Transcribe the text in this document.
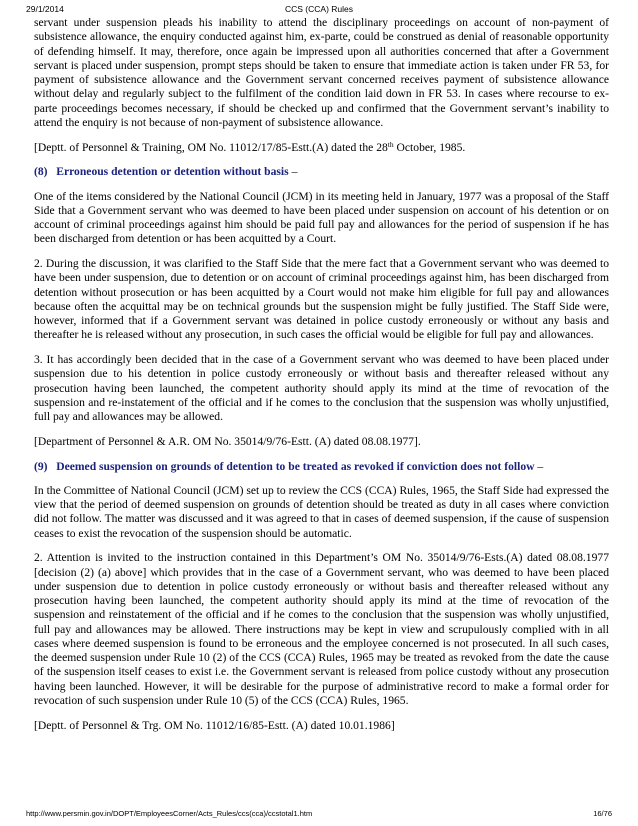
29/1/2014	CCS (CCA) Rules

servant under suspension pleads his inability to attend the disciplinary proceedings on account of non-payment of subsistence allowance, the enquiry conducted against him, ex-parte, could be construed as denial of reasonable opportunity of defending himself. It may, therefore, once again be impressed upon all authorities concerned that after a Government servant is placed under suspension, prompt steps should be taken to ensure that immediate action is taken under FR 53, for payment of subsistence allowance and the Government servant concerned receives payment of subsistence allowance without delay and regularly subject to the fulfilment of the condition laid down in FR 53. In cases where recourse to ex-parte proceedings becomes necessary, if should be checked up and confirmed that the Government servant’s inability to attend the enquiry is not because of non-payment of subsistence allowance.

[Deptt. of Personnel & Training, OM No. 11012/17/85-Estt.(A) dated the 28th October, 1985.

(8) Erroneous detention or detention without basis –

One of the items considered by the National Council (JCM) in its meeting held in January, 1977 was a proposal of the Staff Side that a Government servant who was deemed to have been placed under suspension on account of his detention or on account of criminal proceedings against him should be paid full pay and allowances for the period of suspension if he has been discharged from detention or has been acquitted by a Court.

2. During the discussion, it was clarified to the Staff Side that the mere fact that a Government servant who was deemed to have been under suspension, due to detention or on account of criminal proceedings against him, has been discharged from detention without prosecution or has been acquitted by a Court would not make him eligible for full pay and allowances because often the acquittal may be on technical grounds but the suspension might be fully justified. The Staff Side were, however, informed that if a Government servant was detained in police custody erroneously or without any basis and thereafter he is released without any prosecution, in such cases the official would be eligible for full pay and allowances.

3. It has accordingly been decided that in the case of a Government servant who was deemed to have been placed under suspension due to his detention in police custody erroneously or without basis and thereafter released without any prosecution having been launched, the competent authority should apply its mind at the time of revocation of the suspension and re-instatement of the official and if he comes to the conclusion that the suspension was wholly unjustified, full pay and allowances may be allowed.

[Department of Personnel & A.R. OM No. 35014/9/76-Estt. (A) dated 08.08.1977].

(9) Deemed suspension on grounds of detention to be treated as revoked if conviction does not follow –

In the Committee of National Council (JCM) set up to review the CCS (CCA) Rules, 1965, the Staff Side had expressed the view that the period of deemed suspension on grounds of detention should be treated as duty in all cases where conviction did not follow. The matter was discussed and it was agreed to that in cases of deemed suspension, if the cause of suspension ceases to exist the revocation of the suspension should be automatic.

2. Attention is invited to the instruction contained in this Department’s OM No. 35014/9/76-Ests.(A) dated 08.08.1977 [decision (2) (a) above] which provides that in the case of a Government servant, who was deemed to have been placed under suspension due to detention in police custody erroneously or without basis and thereafter released without any prosecution having been launched, the competent authority should apply its mind at the time of revocation of the suspension and reinstatement of the official and if he comes to the conclusion that the suspension was wholly unjustified, full pay and allowances may be allowed. There instructions may be kept in view and scrupulously complied with in all cases where deemed suspension is found to be erroneous and the employee concerned is not prosecuted. In all such cases, the deemed suspension under Rule 10 (2) of the CCS (CCA) Rules, 1965 may be treated as revoked from the date the cause of the suspension itself ceases to exist i.e. the Government servant is released from police custody without any prosecution having been launched. However, it will be desirable for the purpose of administrative record to make a formal order for revocation of such suspension under Rule 10 (5) of the CCS (CCA) Rules, 1965.

[Deptt. of Personnel & Trg. OM No. 11012/16/85-Estt. (A) dated 10.01.1986]

http://www.persmin.gov.in/DOPT/EmployeesCorner/Acts_Rules/ccs(cca)/ccstotal1.htm	16/76
